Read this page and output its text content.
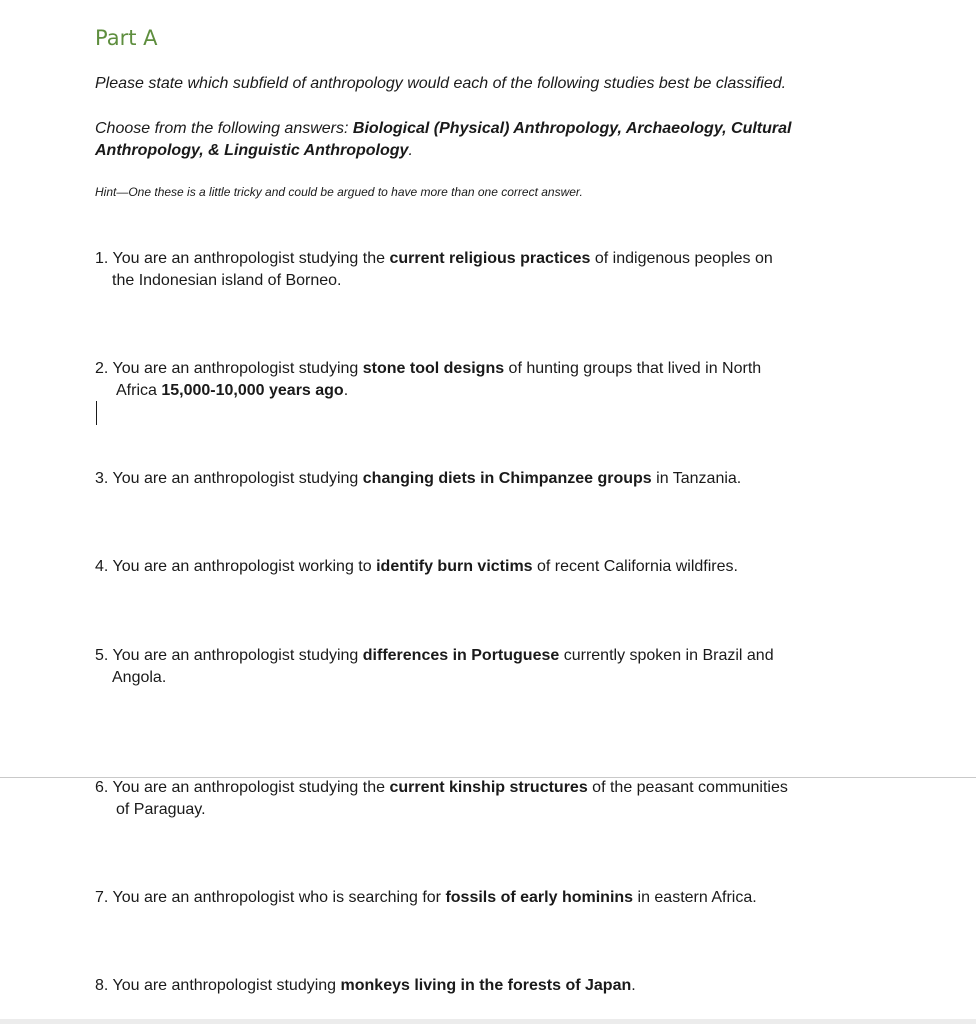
Part A
Please state which subfield of anthropology would each of the following studies best be classified.
Choose from the following answers: Biological (Physical) Anthropology, Archaeology, Cultural
Anthropology, & Linguistic Anthropology.
Hint—One these is a little tricky and could be argued to have more than one correct answer.
1. You are an anthropologist studying the current religious practices of indigenous peoples on
the Indonesian island of Borneo.
2. You are an anthropologist studying stone tool designs of hunting groups that lived in North
Africa 15,000-10,000 years ago.
3. You are an anthropologist studying changing diets in Chimpanzee groups in Tanzania.
4. You are an anthropologist working to identify burn victims of recent California wildfires.
5. You are an anthropologist studying differences in Portuguese currently spoken in Brazil and
Angola.
6. You are an anthropologist studying the current kinship structures of the peasant communities
of Paraguay.
7. You are an anthropologist who is searching for fossils of early hominins in eastern Africa.
8. You are anthropologist studying monkeys living in the forests of Japan.
